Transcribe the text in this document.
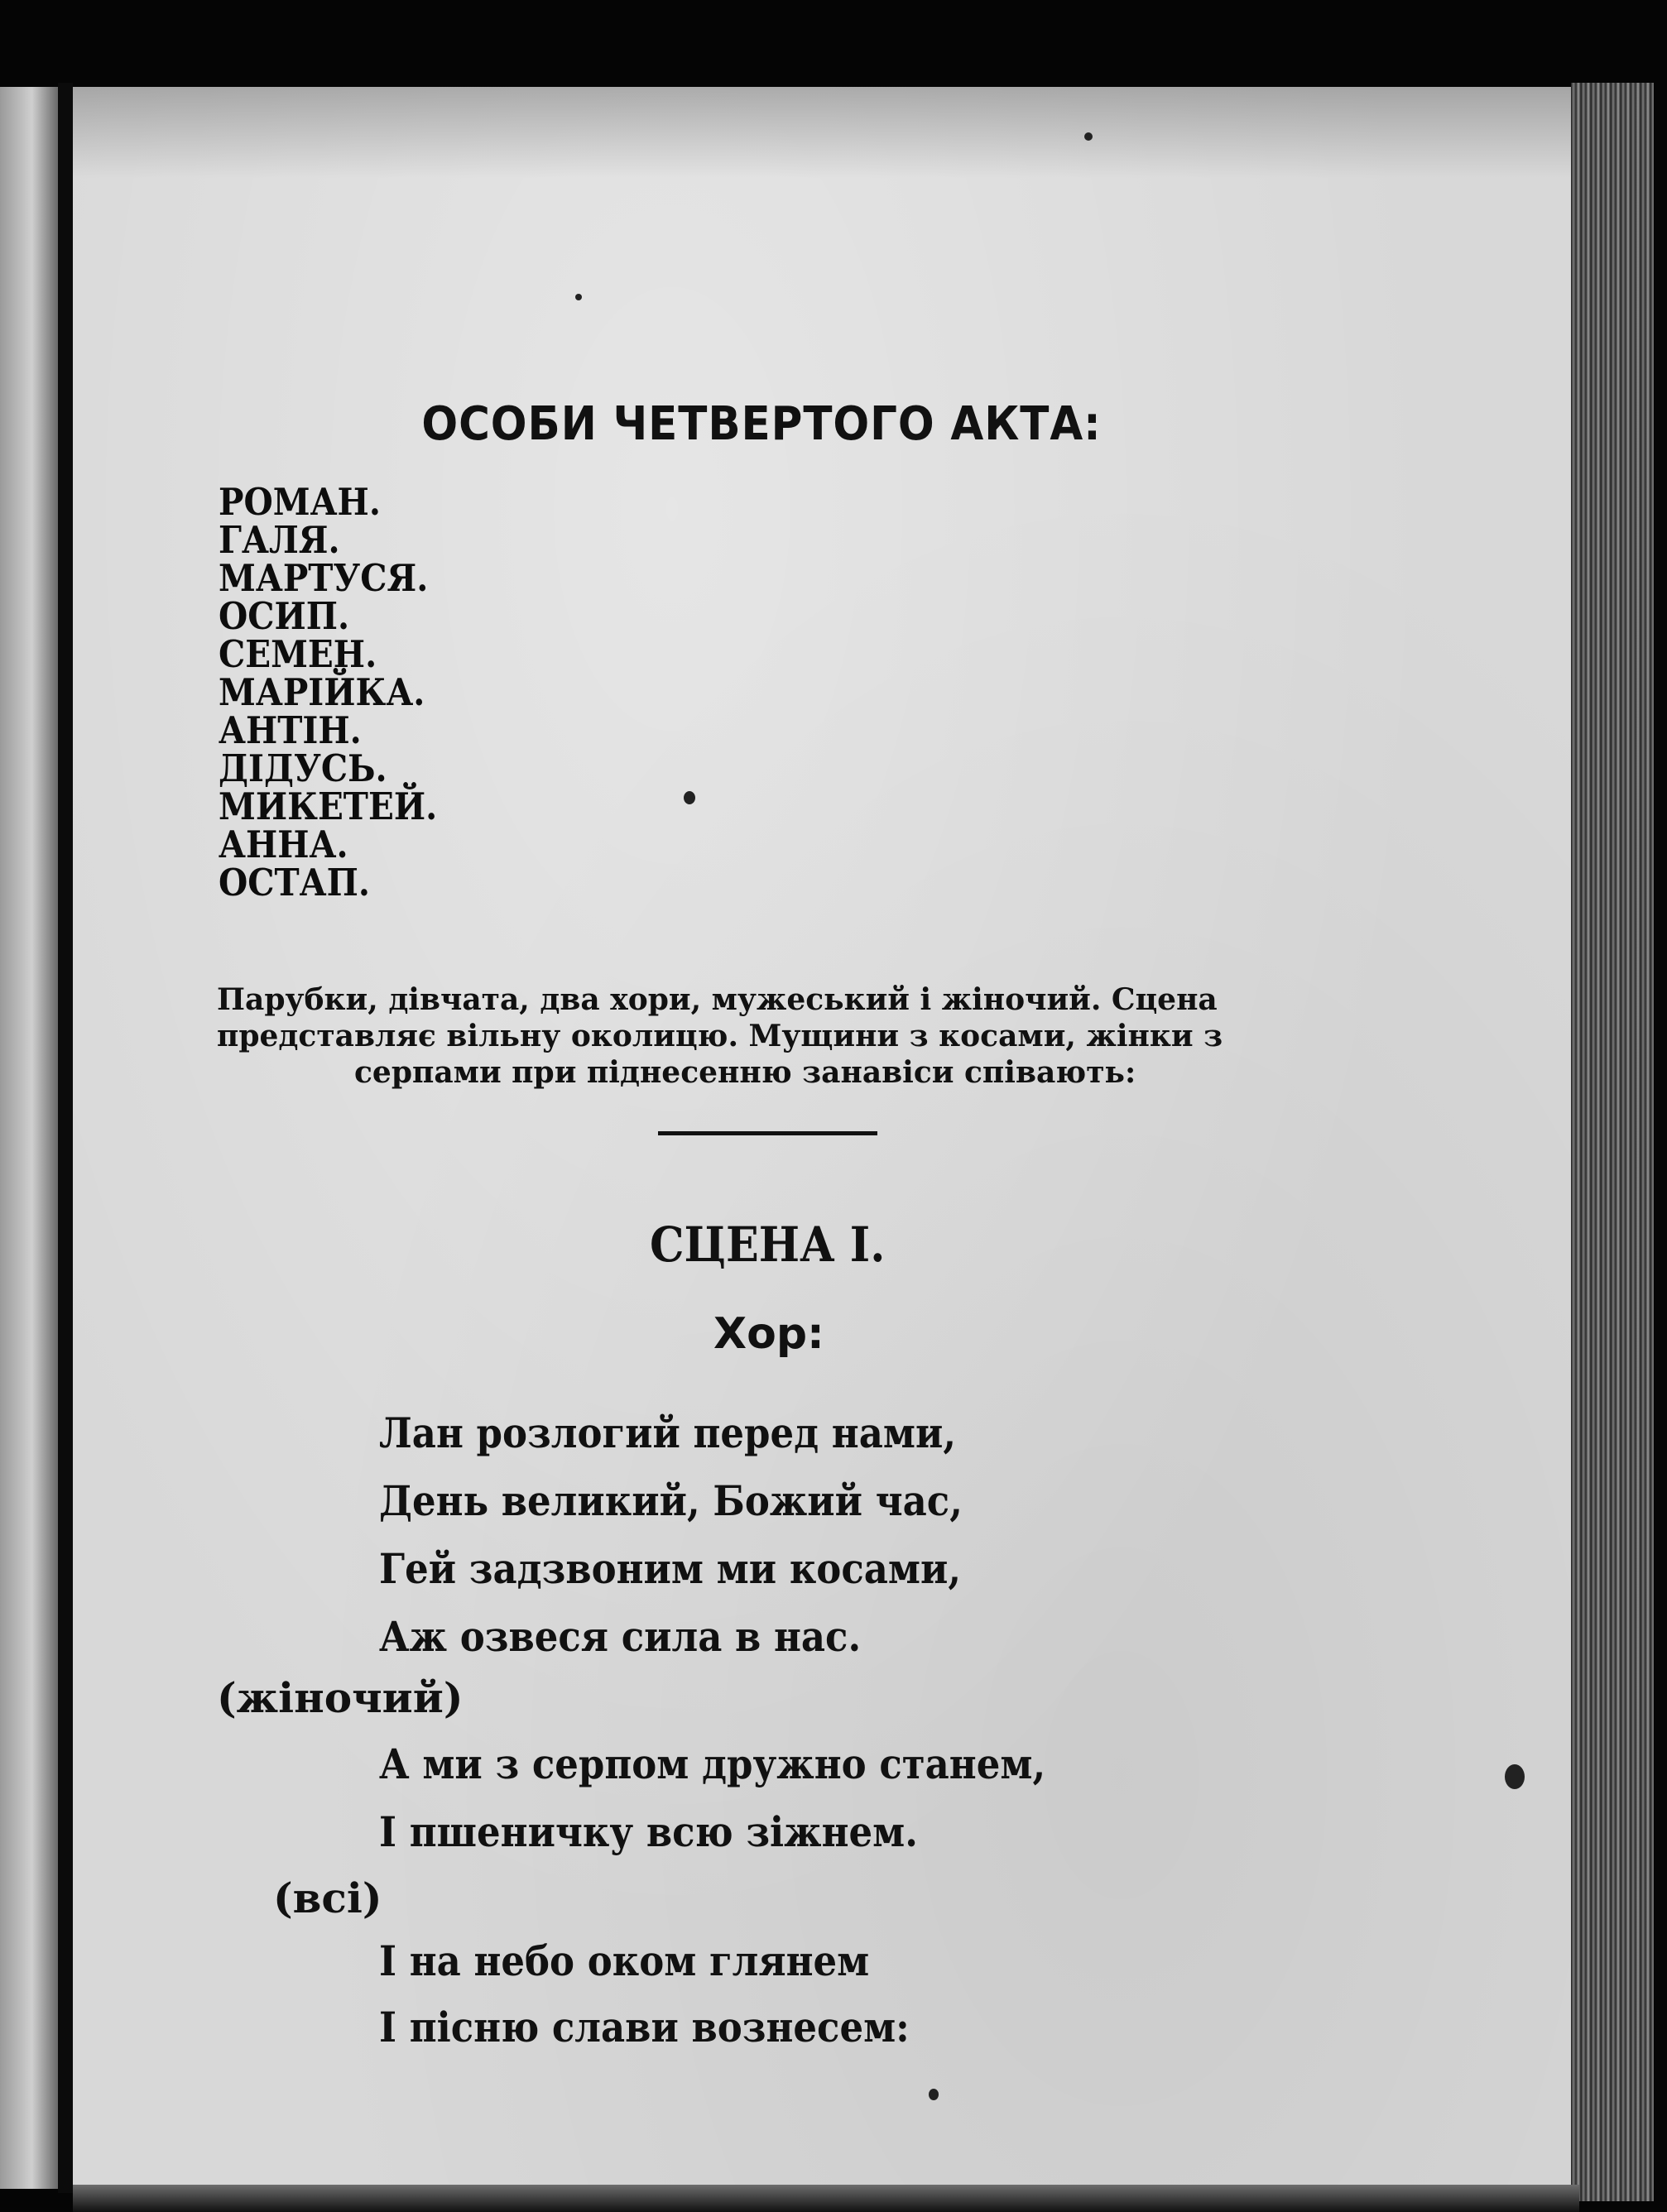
ОСОБИ ЧЕТВЕРТОГО АКТА:
РОМАН.
ГАЛЯ.
МАРТУСЯ.
ОСИП.
СЕМЕН.
МАРІЙКА.
АНТІН.
ДІДУСЬ.
МИКЕТЕЙ.
АННА.
ОСТАП.
Парубки, дівчата, два хори, мужеський і жіночий. Сцена
представляє вільну околицю. Мущини з косами, жінки з
серпами при піднесенню занавіси співають:
СЦЕНА I.
Хор:

Лан розлогий перед нами,

День великий, Божий час,

Гей задзвоним ми косами,

Аж озвеся сила в нас.

(жіночий)

А ми з серпом дружно станем,

І пшеничку всю зіжнем.

(всі)

І на небо оком глянем

І пісню слави вознесем:
